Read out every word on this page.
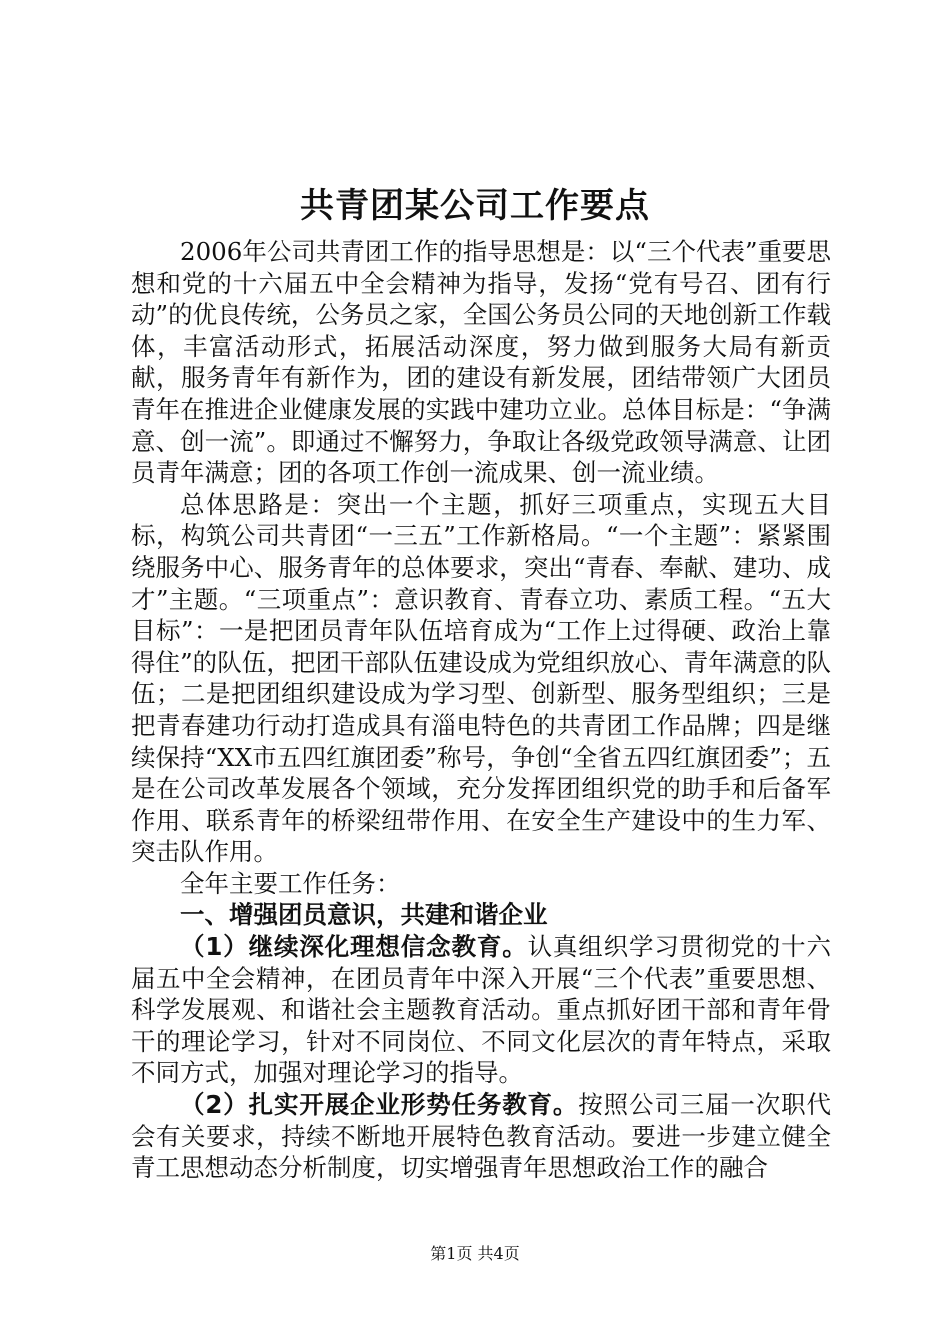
共青团某公司工作要点

2006年公司共青团工作的指导思想是：以“三个代表”重要思想和党的十六届五中全会精神为指导，发扬“党有号召、团有行动”的优良传统，公务员之家，全国公务员公同的天地创新工作载体，丰富活动形式，拓展活动深度，努力做到服务大局有新贡献，服务青年有新作为，团的建设有新发展，团结带领广大团员青年在推进企业健康发展的实践中建功立业。总体目标是：“争满意、创一流”。即通过不懈努力，争取让各级党政领导满意、让团员青年满意；团的各项工作创一流成果、创一流业绩。

总体思路是：突出一个主题，抓好三项重点，实现五大目标，构筑公司共青团“一三五”工作新格局。“一个主题”：紧紧围绕服务中心、服务青年的总体要求，突出“青春、奉献、建功、成才”主题。“三项重点”：意识教育、青春立功、素质工程。“五大目标”：一是把团员青年队伍培育成为“工作上过得硬、政治上靠得住”的队伍，把团干部队伍建设成为党组织放心、青年满意的队伍；二是把团组织建设成为学习型、创新型、服务型组织；三是把青春建功行动打造成具有淄电特色的共青团工作品牌；四是继续保持“XX市五四红旗团委”称号，争创“全省五四红旗团委”；五是在公司改革发展各个领域，充分发挥团组织党的助手和后备军作用、联系青年的桥梁纽带作用、在安全生产建设中的生力军、突击队作用。

全年主要工作任务：

一、增强团员意识，共建和谐企业

（1）继续深化理想信念教育。认真组织学习贯彻党的十六届五中全会精神，在团员青年中深入开展“三个代表”重要思想、科学发展观、和谐社会主题教育活动。重点抓好团干部和青年骨干的理论学习，针对不同岗位、不同文化层次的青年特点，采取不同方式，加强对理论学习的指导。

（2）扎实开展企业形势任务教育。按照公司三届一次职代会有关要求，持续不断地开展特色教育活动。要进一步建立健全青工思想动态分析制度，切实增强青年思想政治工作的融合

第1页 共4页
